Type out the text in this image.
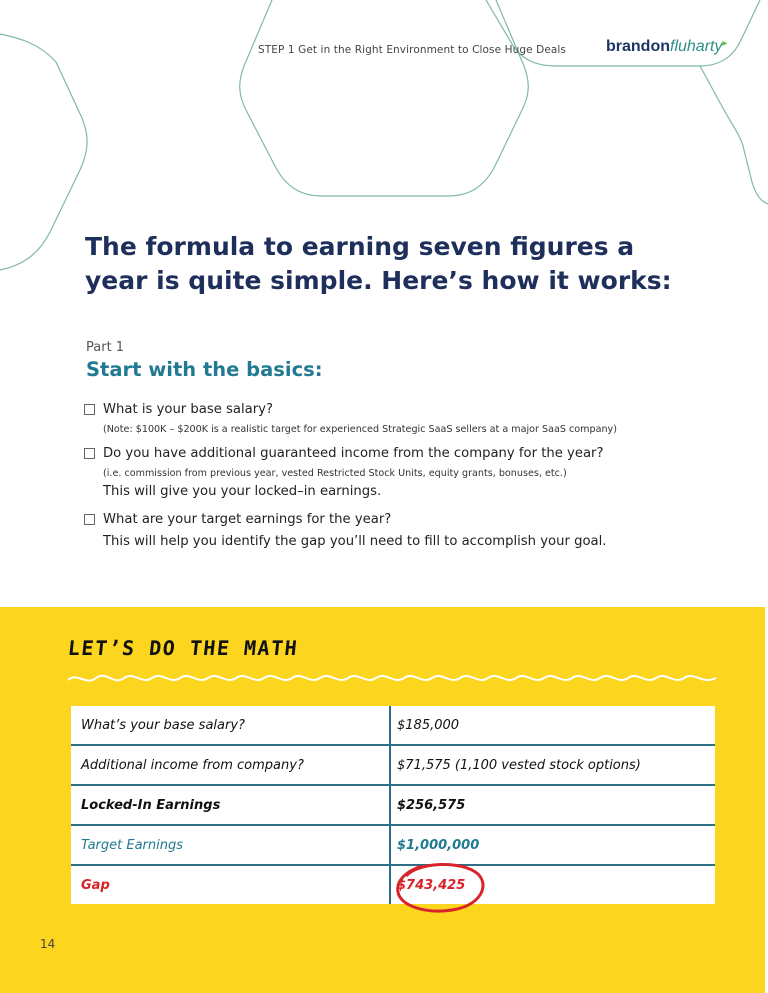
STEP 1 Get in the Right Environment to Close Huge Deals	brandonfluharty▸
The formula to earning seven figures a year is quite simple. Here’s how it works:
Part 1
Start with the basics:
What is your base salary?
(Note: $100K – $200K is a realistic target for experienced Strategic SaaS sellers at a major SaaS company)
Do you have additional guaranteed income from the company for the year?
(i.e. commission from previous year, vested Restricted Stock Units, equity grants, bonuses, etc.)
This will give you your locked–in earnings.
What are your target earnings for the year?
This will help you identify the gap you’ll need to fill to accomplish your goal.
LET’S DO THE MATH
What’s your base salary?	$185,000
Additional income from company?	$71,575 (1,100 vested stock options)
Locked-In Earnings	$256,575
Target Earnings	$1,000,000
Gap	$743,425
14
